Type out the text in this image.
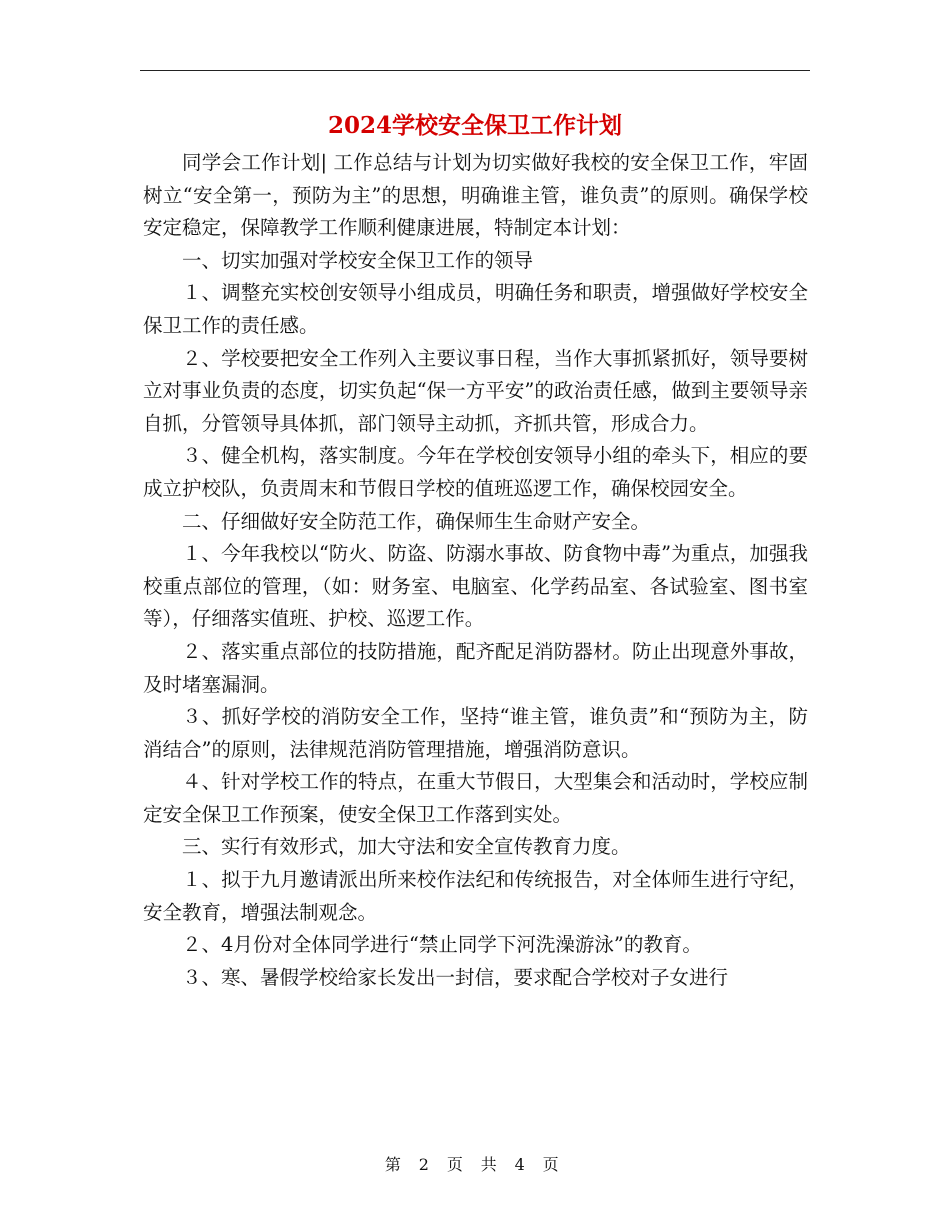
2024学校安全保卫工作计划

同学会工作计划| 工作总结与计划为切实做好我校的安全保卫工作，牢固树立“安全第一，预防为主”的思想，明确谁主管，谁负责”的原则。确保学校安定稳定，保障教学工作顺利健康进展，特制定本计划：

一、切实加强对学校安全保卫工作的领导

１、调整充实校创安领导小组成员，明确任务和职责，增强做好学校安全保卫工作的责任感。

２、学校要把安全工作列入主要议事日程，当作大事抓紧抓好，领导要树立对事业负责的态度，切实负起“保一方平安”的政治责任感，做到主要领导亲自抓，分管领导具体抓，部门领导主动抓，齐抓共管，形成合力。

３、健全机构，落实制度。今年在学校创安领导小组的牵头下，相应的要成立护校队，负责周末和节假日学校的值班巡逻工作，确保校园安全。

二、仔细做好安全防范工作，确保师生生命财产安全。

１、今年我校以“防火、防盗、防溺水事故、防食物中毒”为重点，加强我校重点部位的管理，（如：财务室、电脑室、化学药品室、各试验室、图书室等），仔细落实值班、护校、巡逻工作。

２、落实重点部位的技防措施，配齐配足消防器材。防止出现意外事故，及时堵塞漏洞。

３、抓好学校的消防安全工作，坚持“谁主管，谁负责”和“预防为主，防消结合”的原则，法律规范消防管理措施，增强消防意识。

４、针对学校工作的特点，在重大节假日，大型集会和活动时，学校应制定安全保卫工作预案，使安全保卫工作落到实处。

三、实行有效形式，加大守法和安全宣传教育力度。

１、拟于九月邀请派出所来校作法纪和传统报告，对全体师生进行守纪，安全教育，增强法制观念。

２、4月份对全体同学进行“禁止同学下河洗澡游泳”的教育。

３、寒、暑假学校给家长发出一封信，要求配合学校对子女进行

第 2 页 共 4 页
